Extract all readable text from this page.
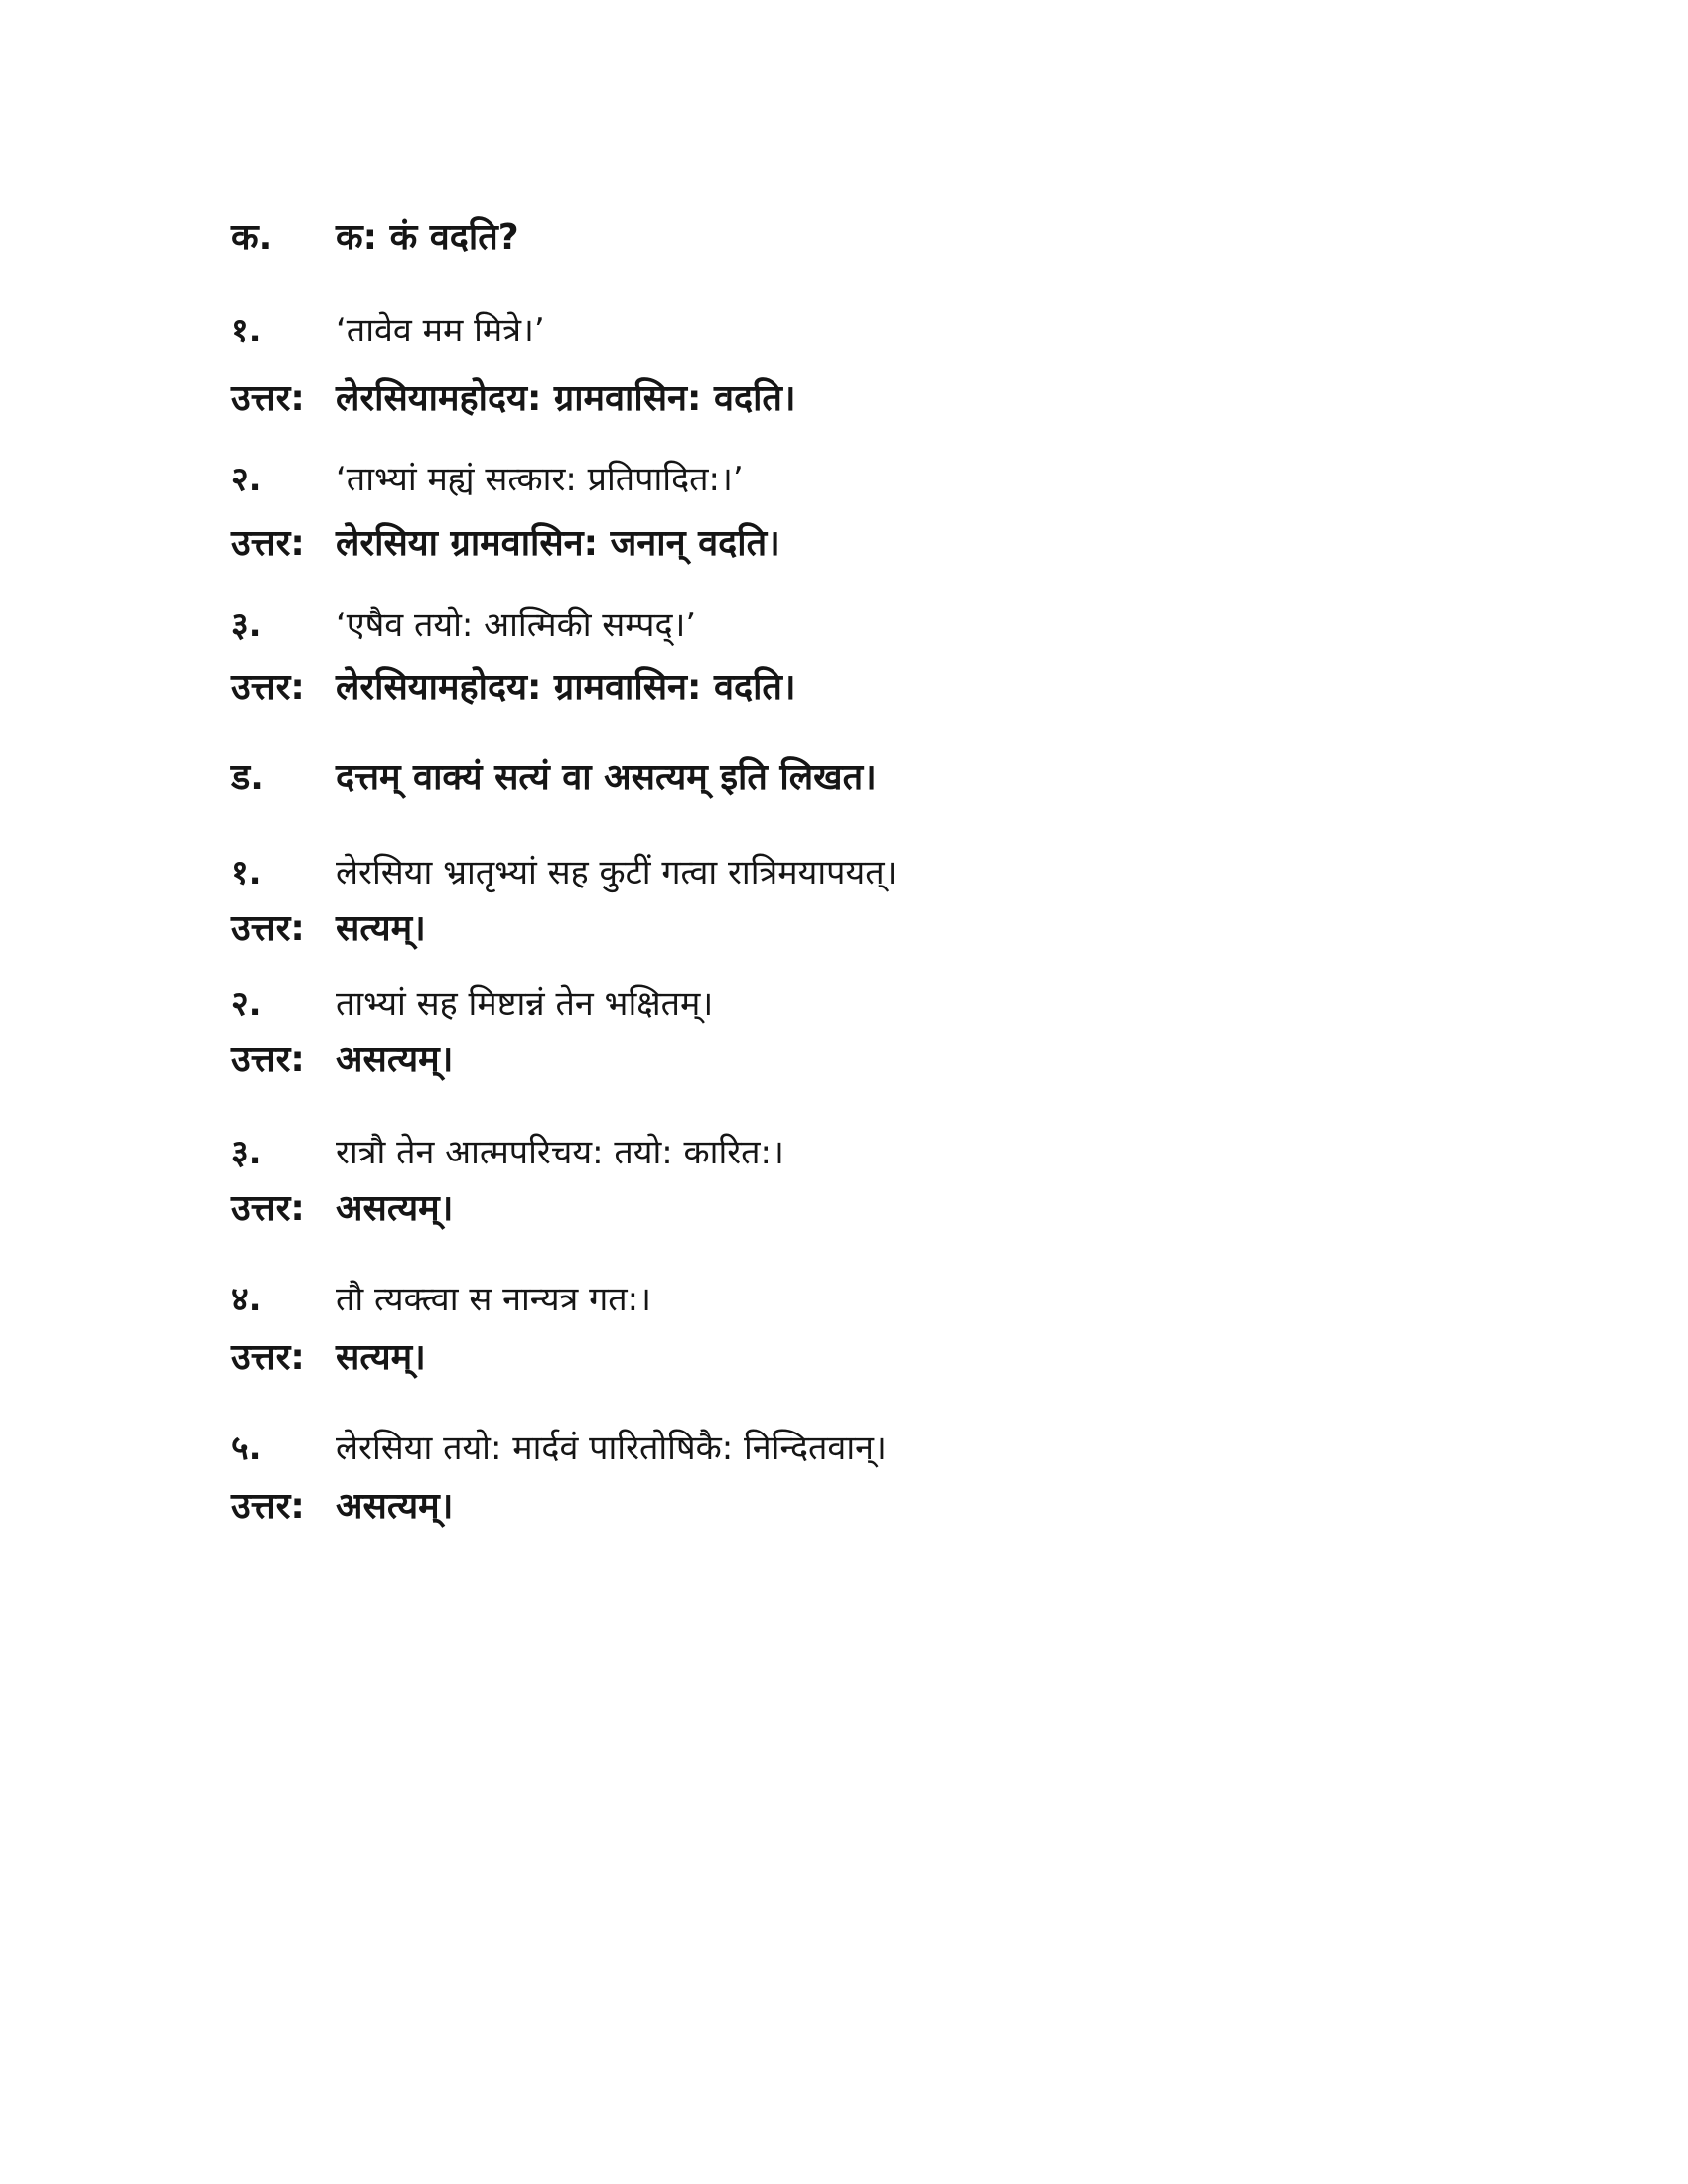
क.	क: कं वदति?
१.	‘तावेव मम मित्रे।’
उत्तर: लेरसियामहोदय: ग्रामवासिन: वदति।
२.	‘ताभ्यां मह्यं सत्कार: प्रतिपादित:।’
उत्तर: लेरसिया ग्रामवासिन: जनान् वदति।
३.	‘एषैव तयो: आत्मिकी सम्पद्।’
उत्तर: लेरसियामहोदय: ग्रामवासिन: वदति।
ड.	दत्तम् वाक्यं सत्यं वा असत्यम् इति लिखत।
१.	लेरसिया भ्रातृभ्यां सह कुटीं गत्वा रात्रिमयापयत्।
उत्तर: सत्यम्।
२.	ताभ्यां सह मिष्टान्नं तेन भक्षितम्।
उत्तर: असत्यम्।
३.	रात्रौ तेन आत्मपरिचय: तयो: कारित:।
उत्तर: असत्यम्।
४.	तौ त्यक्त्वा स नान्यत्र गत:।
उत्तर: सत्यम्।
५.	लेरसिया तयो: मार्दवं पारितोषिकै: निन्दितवान्।
उत्तर: असत्यम्।
